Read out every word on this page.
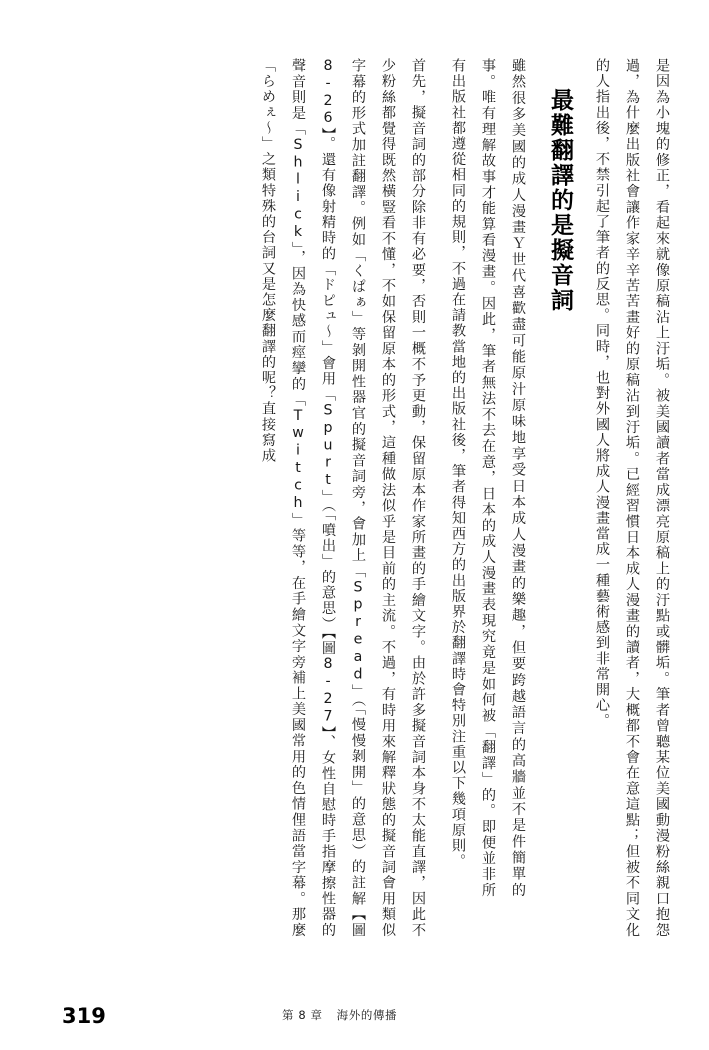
是因為小塊的修正，看起來就像原稿沾上汙垢。被美國讀者當成漂亮原稿上的汙點或髒垢。筆者曾聽某位美國動漫粉絲親口抱怨過，為什麼出版社會讓作家辛辛苦苦畫好的原稿沾到汙垢。已經習慣日本成人漫畫的讀者，大概都不會在意這點；但被不同文化的人指出後，不禁引起了筆者的反思。同時，也對外國人將成人漫畫當成一種藝術感到非常開心。
最難翻譯的是擬音詞
雖然很多美國的成人漫畫Ｙ世代喜歡盡可能原汁原味地享受日本成人漫畫的樂趣，但要跨越語言的高牆並不是件簡單的事。唯有理解故事才能算看漫畫。因此，筆者無法不去在意，日本的成人漫畫表現究竟是如何被「翻譯」的。即便並非所有出版社都遵從相同的規則，不過在請教當地的出版社後，筆者得知西方的出版界於翻譯時會特別注重以下幾項原則。
首先，擬音詞的部分除非有必要，否則一概不予更動，保留原本作家所畫的手繪文字。由於許多擬音詞本身不太能直譯，因此不少粉絲都覺得既然橫豎看不懂，不如保留原本的形式，這種做法似乎是目前的主流。不過，有時用來解釋狀態的擬音詞會用類似字幕的形式加註翻譯。例如「くぱぁ」等剝開性器官的擬音詞旁，會加上「Spread」（「慢慢剝開」的意思）的註解【圖8-26】。還有像射精時的「ドピュ～」會用「Spurt」（「噴出」的意思）【圖8-27】、女性自慰時手指摩擦性器的聲音則是「Shlick」，因為快感而痙攣的「Twitch」等等，在手繪文字旁補上美國常用的色情俚語當字幕。那麼「らめぇ～」之類特殊的台詞又是怎麼翻譯的呢？直接寫成
319	第 8 章 海外的傳播
